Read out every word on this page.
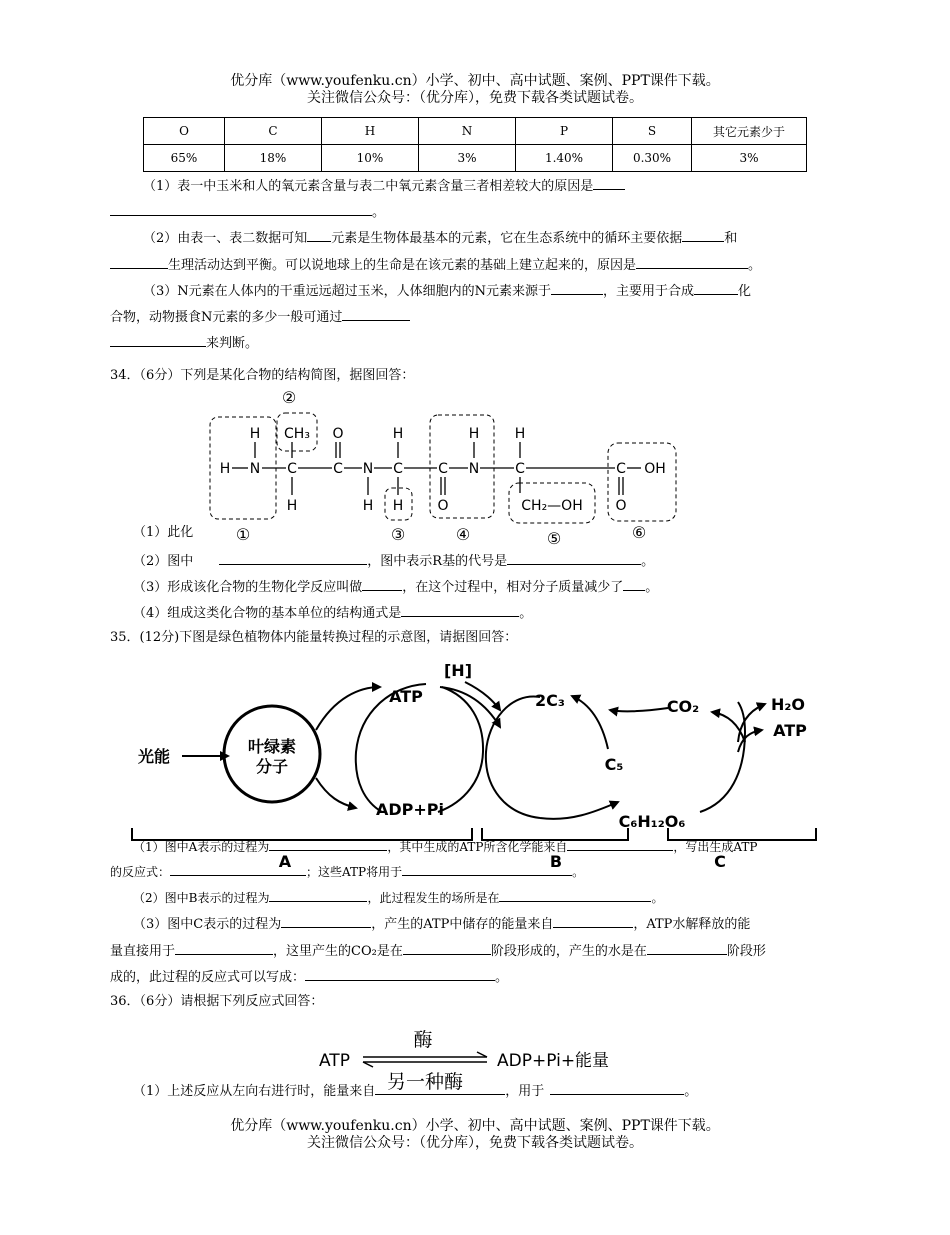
优分库（www.youfenku.cn）小学、初中、高中试题、案例、PPT课件下载。
关注微信公众号：（优分库），免费下载各类试题试卷。
O	C	H	N	P	S	其它元素少于
65%	18%	10%	3%	1.40%	0.30%	3%
（1）表一中玉米和人的氧元素含量与表二中氧元素含量三者相差较大的原因是
。
（2）由表一、表二数据可知 元素是生物体最基本的元素，它在生态系统中的循环主要依据	和
生理活动达到平衡。可以说地球上的生命是在该元素的基础上建立起来的，原因是	。
（3）N元素在人体内的干重远远超过玉米，人体细胞内的N元素来源于	，主要用于合成	化
合物，动物摄食N元素的多少一般可通过
来判断。
34．（6分）下列是某化合物的结构简图，据图回答：
②
H CH₃ O	H	H	H
H N C	C N C	C N	C	C OH
H	H H O	CH₂—OH O
①	③	④	⑤	⑥
（1）此化
（2）图中	，图中表示R基的代号是	。
（3）形成该化合物的生物化学反应叫做	，在这个过程中，相对分子质量减少了 。
（4）组成这类化合物的基本单位的结构通式是	。
35．(12分)下图是绿色植物体内能量转换过程的示意图，请据图回答：
光能
叶绿素
分子
ATP
ADP+Pi
[H]
2C₃
C₅
CO₂
C₆H₁₂O₆
H₂O
ATP
A	B	C
（1）图中A表示的过程为	，其中生成的ATP所含化学能来自	，写出生成ATP
的反应式：	；这些ATP将用于	。
（2）图中B表示的过程为	，此过程发生的场所是在	。
（3）图中C表示的过程为	，产生的ATP中储存的能量来自	，ATP水解释放的能
量直接用于	，这里产生的CO₂是在	阶段形成的，产生的水是在	阶段形
成的，此过程的反应式可以写成：	。
36．（6分）请根据下列反应式回答：
ATP
酶
ADP+Pi+能量
另一种酶
（1）上述反应从左向右进行时，能量来自	，用于	。
优分库（www.youfenku.cn）小学、初中、高中试题、案例、PPT课件下载。
关注微信公众号：（优分库），免费下载各类试题试卷。
